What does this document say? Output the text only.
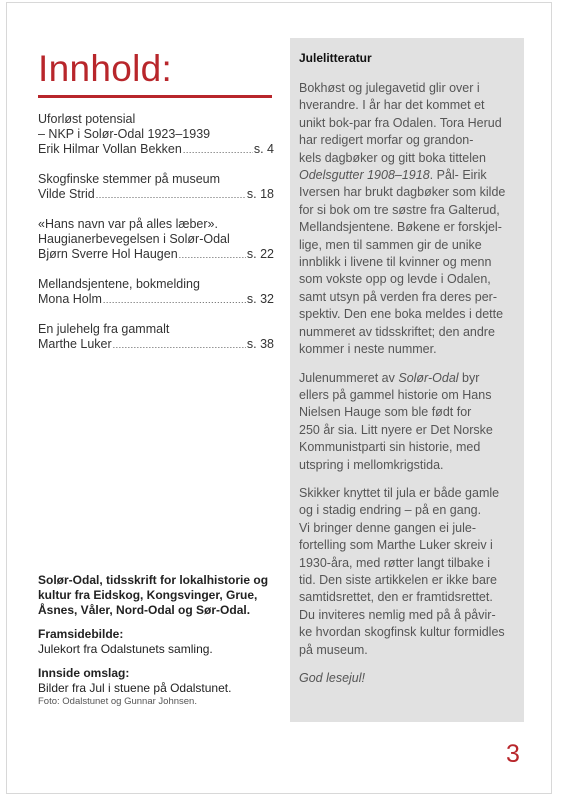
Innhold:
Uforløst potensial
– NKP i Solør-Odal 1923–1939
Erik Hilmar Vollan Bekken .....	s. 4
Skogfinske stemmer på museum
Vilde Strid .....	s. 18
«Hans navn var på alles læber».
Haugianerbevegelsen i Solør-Odal
Bjørn Sverre Hol Haugen .....	s. 22
Mellandsjentene, bokmelding
Mona Holm .....	s. 32
En julehelg fra gammalt
Marthe Luker .....	s. 38

Solør-Odal, tidsskrift for lokalhistorie og
kultur fra Eidskog, Kongsvinger, Grue,
Åsnes, Våler, Nord-Odal og Sør-Odal.

Framsidebilde:
Julekort fra Odalstunets samling.

Innside omslag:
Bilder fra Jul i stuene på Odalstunet.
Foto: Odalstunet og Gunnar Johnsen.

Julelitteratur

Bokhøst og julegavetid glir over i
hverandre. I år har det kommet et
unikt bok-par fra Odalen. Tora Herud
har redigert morfar og grandon-
kels dagbøker og gitt boka tittelen
Odelsgutter 1908–1918. Pål- Eirik
Iversen har brukt dagbøker som kilde
for si bok om tre søstre fra Galterud,
Mellandsjentene. Bøkene er forskjel-
lige, men til sammen gir de unike
innblikk i livene til kvinner og menn
som vokste opp og levde i Odalen,
samt utsyn på verden fra deres per-
spektiv. Den ene boka meldes i dette
nummeret av tidsskriftet; den andre
kommer i neste nummer.

Julenummeret av Solør-Odal byr
ellers på gammel historie om Hans
Nielsen Hauge som ble født for
250 år sia. Litt nyere er Det Norske
Kommunistparti sin historie, med
utspring i mellomkrigstida.

Skikker knyttet til jula er både gamle
og i stadig endring – på en gang.
Vi bringer denne gangen ei jule-
fortelling som Marthe Luker skreiv i
1930-åra, med røtter langt tilbake i
tid. Den siste artikkelen er ikke bare
samtidsrettet, den er framtidsrettet.
Du inviteres nemlig med på å påvir-
ke hvordan skogfinsk kultur formidles
på museum.

God lesejul!

3
